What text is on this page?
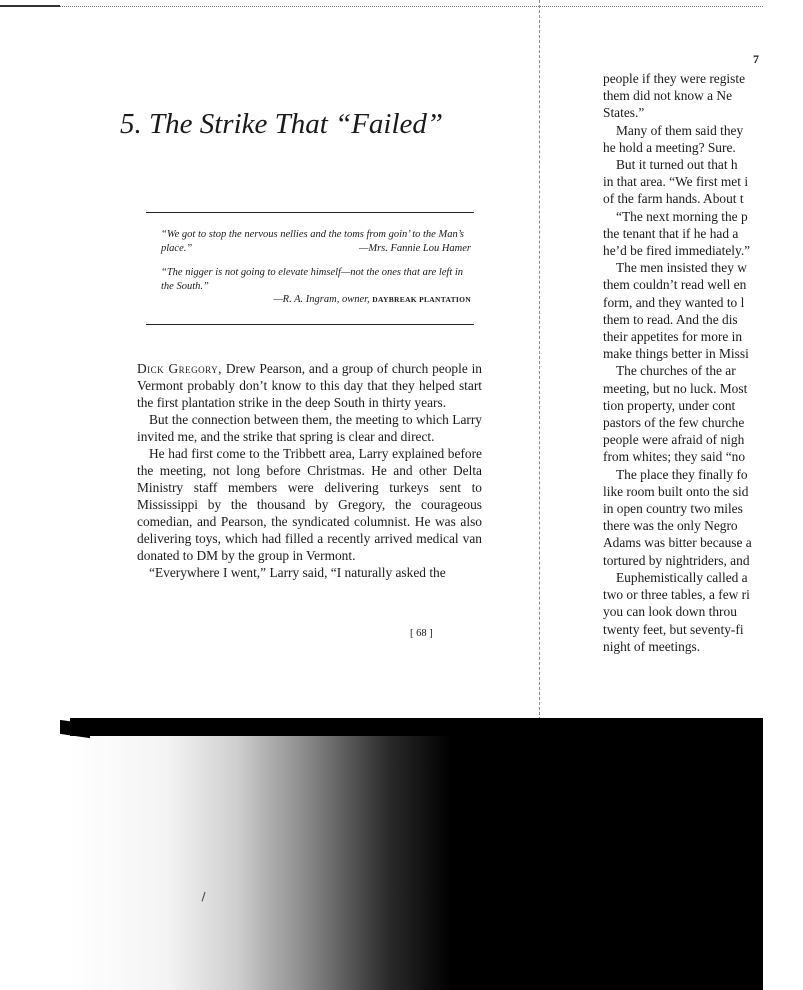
5. The Strike That “Failed”
“We got to stop the nervous nellies and the toms from goin’ to the Man’s place.”	—Mrs. Fannie Lou Hamer
“The nigger is not going to elevate himself—not the ones that are left in the South.”
—R. A. Ingram, owner, DAYBREAK PLANTATION

Dick Gregory, Drew Pearson, and a group of church people in Vermont probably don’t know to this day that they helped start the first plantation strike in the deep South in thirty years.

But the connection between them, the meeting to which Larry invited me, and the strike that spring is clear and direct.

He had first come to the Tribbett area, Larry explained before the meeting, not long before Christmas. He and other Delta Ministry staff members were delivering turkeys sent to Mississippi by the thousand by Gregory, the courageous comedian, and Pearson, the syndicated columnist. He was also delivering toys, which had filled a recently arrived medical van donated to DM by the group in Vermont.

“Everywhere I went,” Larry said, “I naturally asked the

[ 68 ]
7
people if they were registe
them did not know a Ne
States.”
Many of them said they
he hold a meeting? Sure.
But it turned out that h
in that area. “We first met i
of the farm hands. About t
“The next morning the p
the tenant that if he had a
he’d be fired immediately.”
The men insisted they w
them couldn’t read well en
form, and they wanted to l
them to read. And the dis
their appetites for more in
make things better in Missi
The churches of the ar
meeting, but no luck. Most
tion property, under cont
pastors of the few churche
people were afraid of nigh
from whites; they said “no
The place they finally fo
like room built onto the sid
in open country two miles
there was the only Negro
Adams was bitter because a
tortured by nightriders, and
Euphemistically called a
two or three tables, a few ri
you can look down throu
twenty feet, but seventy-fi
night of meetings.
